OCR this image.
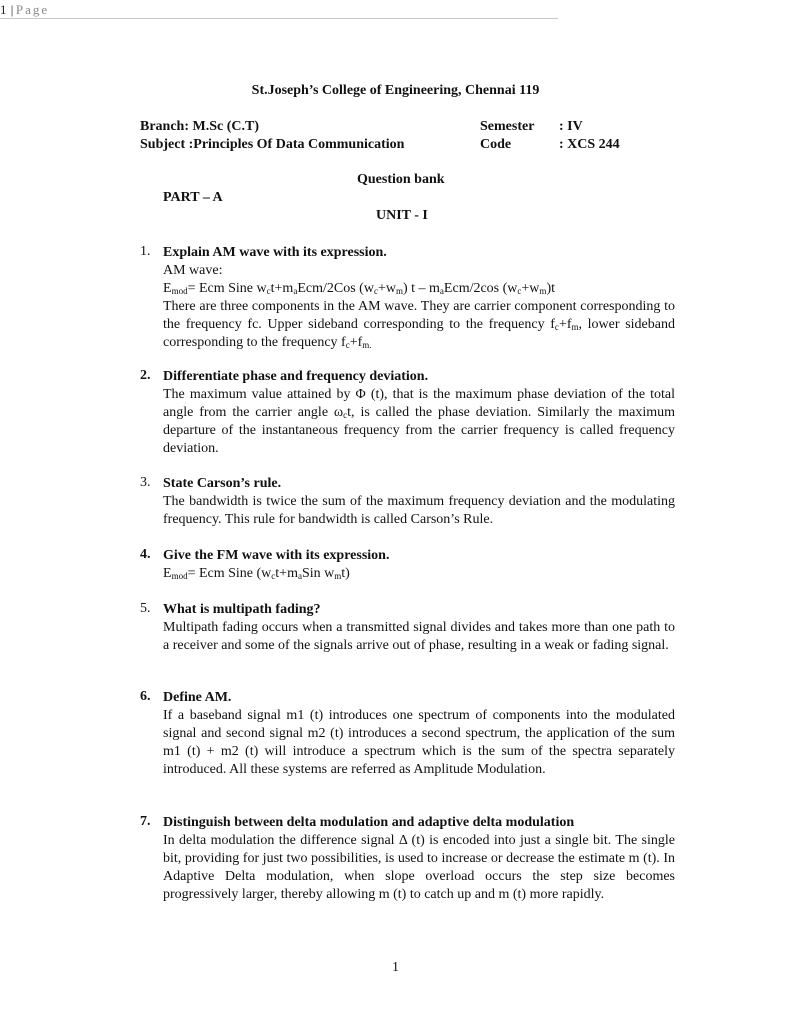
1 | Page
St.Joseph’s College of Engineering, Chennai 119
Branch: M.Sc (C.T)
Subject :Principles Of Data Communication
Semester : IV
Code	: XCS 244
Question bank
PART – A
UNIT - I
1. Explain AM wave with its expression.

AM wave:

$E_{mod}=$ Ecm Sine $w_ct+m_aEcm/2Cos$ $(w_c+w_m)$ t – $m_aEcm/2\cos$ $(w_c+w_m)t$

There are three components in the AM wave. They are carrier component corresponding to the frequency fc. Upper sideband corresponding to the frequency $f_c+f_m$, lower sideband corresponding to the frequency $f_c+f_{m.}$

2. Differentiate phase and frequency deviation.
The maximum value attained by Φ (t), that is the maximum phase deviation of the total angle from the carrier angle $\omega_ct$, is called the phase deviation. Similarly the maximum departure of the instantaneous frequency from the carrier frequency is called frequency deviation.
3. State Carson’s rule.
The bandwidth is twice the sum of the maximum frequency deviation and the modulating frequency. This rule for bandwidth is called Carson’s Rule.
4. Give the FM wave with its expression.
$E_{mod}=$ Ecm Sine ($w_ct+m_aSin$ $w_mt$)
5. What is multipath fading?
Multipath fading occurs when a transmitted signal divides and takes more than one path to a receiver and some of the signals arrive out of phase, resulting in a weak or fading signal.
6. Define AM.
If a baseband signal m1 (t) introduces one spectrum of components into the modulated signal and second signal m2 (t) introduces a second spectrum, the application of the sum m1 (t) + m2 (t) will introduce a spectrum which is the sum of the spectra separately introduced. All these systems are referred as Amplitude Modulation.
7. Distinguish between delta modulation and adaptive delta modulation
In delta modulation the difference signal Δ (t) is encoded into just a single bit. The single bit, providing for just two possibilities, is used to increase or decrease the estimate m (t). In Adaptive Delta modulation, when slope overload occurs the step size becomes progressively larger, thereby allowing m (t) to catch up and m (t) more rapidly.
1
